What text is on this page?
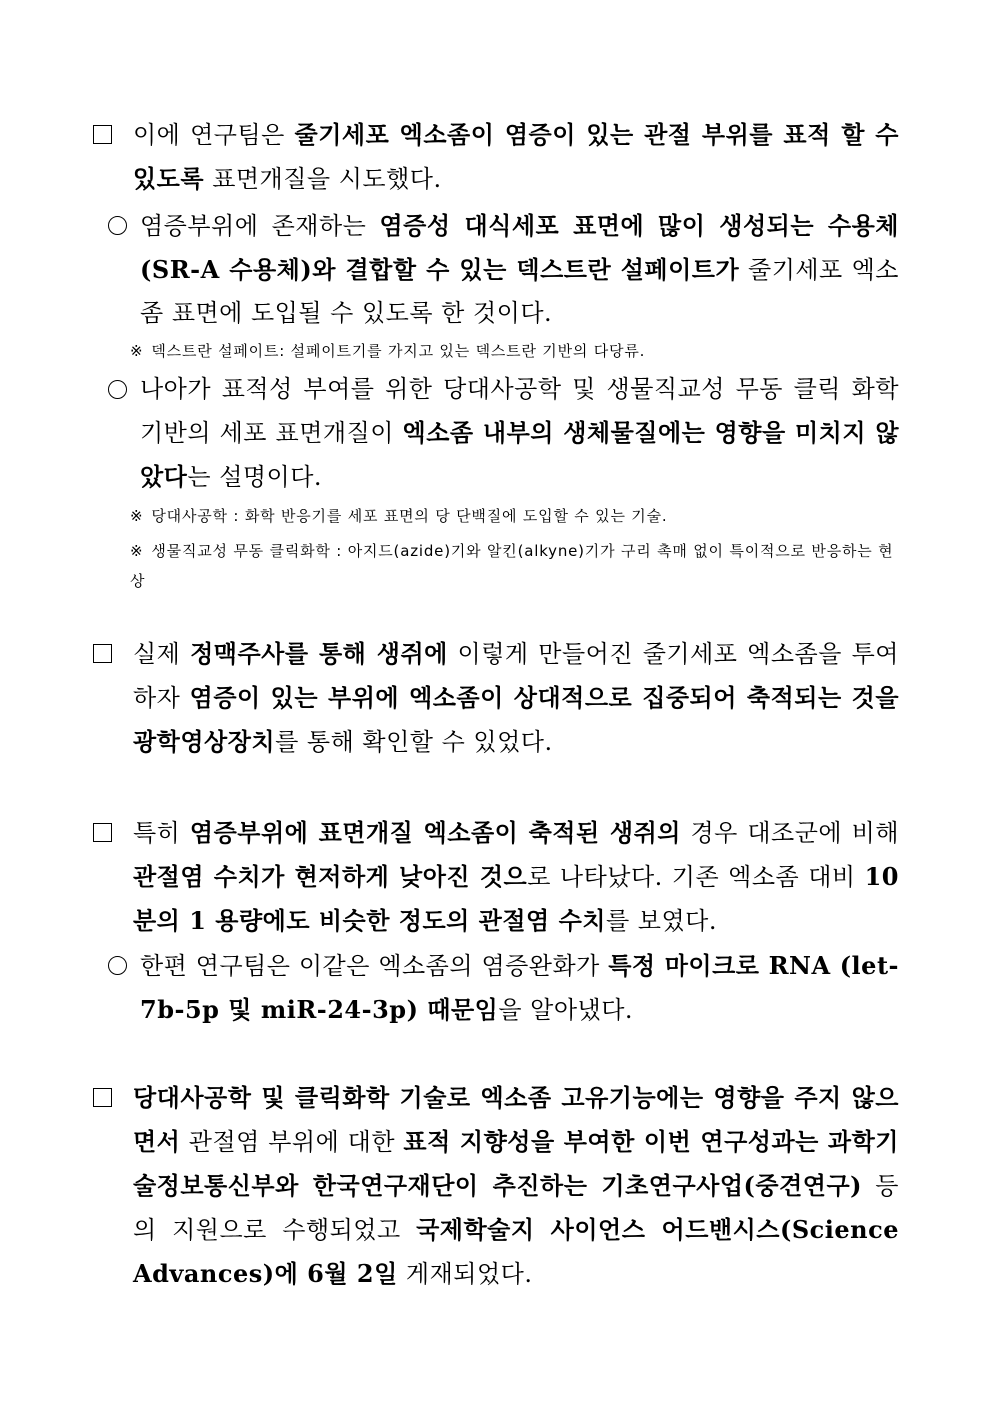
이에 연구팀은 줄기세포 엑소좀이 염증이 있는 관절 부위를 표적 할 수 있도록 표면개질을 시도했다.
염증부위에 존재하는 염증성 대식세포 표면에 많이 생성되는 수용체(SR-A 수용체)와 결합할 수 있는 덱스트란 설페이트가 줄기세포 엑소좀 표면에 도입될 수 있도록 한 것이다.
※ 덱스트란 설페이트: 설페이트기를 가지고 있는 덱스트란 기반의 다당류.
나아가 표적성 부여를 위한 당대사공학 및 생물직교성 무동 클릭 화학 기반의 세포 표면개질이 엑소좀 내부의 생체물질에는 영향을 미치지 않았다는 설명이다.
※ 당대사공학 : 화학 반응기를 세포 표면의 당 단백질에 도입할 수 있는 기술.
※ 생물직교성 무동 클릭화학 : 아지드(azide)기와 알킨(alkyne)기가 구리 촉매 없이 특이적으로 반응하는 현상
실제 정맥주사를 통해 생쥐에 이렇게 만들어진 줄기세포 엑소좀을 투여하자 염증이 있는 부위에 엑소좀이 상대적으로 집중되어 축적되는 것을 광학영상장치를 통해 확인할 수 있었다.
특히 염증부위에 표면개질 엑소좀이 축적된 생쥐의 경우 대조군에 비해 관절염 수치가 현저하게 낮아진 것으로 나타났다. 기존 엑소좀 대비 10분의 1 용량에도 비슷한 정도의 관절염 수치를 보였다.
한편 연구팀은 이같은 엑소좀의 염증완화가 특정 마이크로 RNA (let-7b-5p 및 miR-24-3p) 때문임을 알아냈다.
당대사공학 및 클릭화학 기술로 엑소좀 고유기능에는 영향을 주지 않으면서 관절염 부위에 대한 표적 지향성을 부여한 이번 연구성과는 과학기술정보통신부와 한국연구재단이 추진하는 기초연구사업(중견연구) 등의 지원으로 수행되었고 국제학술지 사이언스 어드밴시스(Science Advances)에 6월 2일 게재되었다.
